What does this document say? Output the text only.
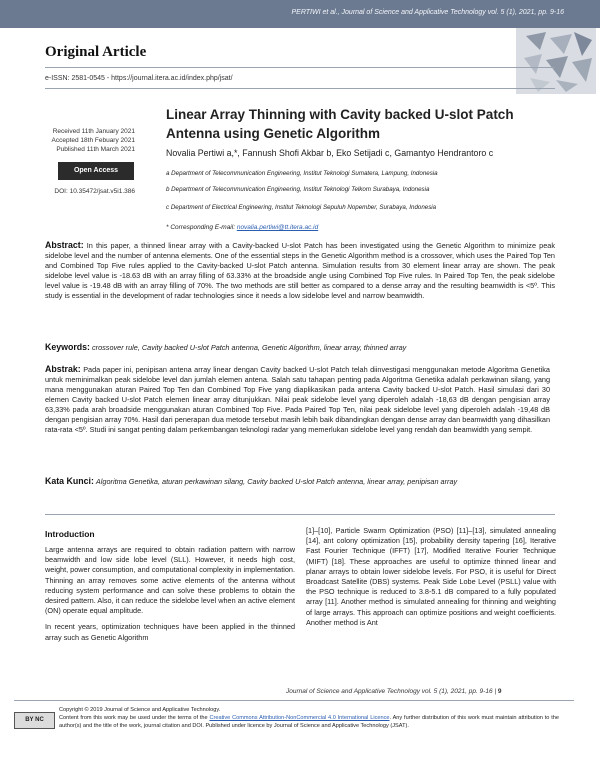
PERTIWI et al., Journal of Science and Applicative Technology vol. 5 (1), 2021, pp. 9-16
Original Article
e-ISSN: 2581-0545 - https://journal.itera.ac.id/index.php/jsat/
Received 11th January 2021
Accepted 18th Febuary 2021
Published 11th March 2021
Open Access
DOI: 10.35472/jsat.v5i1.386
Linear Array Thinning with Cavity backed U-slot Patch Antenna using Genetic Algorithm
Novalia Pertiwi a,*, Fannush Shofi Akbar b, Eko Setijadi c, Gamantyo Hendrantoro c
a Department of Telecommunication Engineering, Institut Teknologi Sumatera, Lampung, Indonesia
b Department of Telecommunication Engineering, Institut Teknologi Telkom Surabaya, Indonesia
c Department of Electrical Engineering, Institut Teknologi Sepuluh Nopember, Surabaya, Indonesia
* Corresponding E-mail: novalia.pertiwi@tt.itera.ac.id
Abstract: In this paper, a thinned linear array with a Cavity-backed U-slot Patch has been investigated using the Genetic Algorithm to minimize peak sidelobe level and the number of antenna elements. One of the essential steps in the Genetic Algorithm method is a crossover, which uses the Paired Top Ten and Combined Top Five rules applied to the Cavity-backed U-slot Patch antenna. Simulation results from 30 element linear array are shown. The peak sidelobe level value is -18.63 dB with an array filling of 63.33% at the broadside angle using Combined Top Five rules. In Paired Top Ten, the peak sidelobe level value is -19.48 dB with an array filling of 70%. The two methods are still better as compared to a dense array and the resulting beamwidth is <5º. This study is essential in the development of radar technologies since it needs a low sidelobe level and narrow beamwidth.
Keywords: crossover rule, Cavity backed U-slot Patch antenna, Genetic Algorithm, linear array, thinned array
Abstrak: Pada paper ini, penipisan antena array linear dengan Cavity backed U-slot Patch telah diinvestigasi menggunakan metode Algoritma Genetika untuk meminimalkan peak sidelobe level dan jumlah elemen antena. Salah satu tahapan penting pada Algoritma Genetika adalah perkawinan silang, yang mana menggunakan aturan Paired Top Ten dan Combined Top Five yang diaplikasikan pada antena Cavity backed U-slot Patch. Hasil simulasi dari 30 elemen Cavity backed U-slot Patch elemen linear array ditunjukkan. Nilai peak sidelobe level yang diperoleh adalah -18,63 dB dengan pengisian array 63,33% pada arah broadside menggunakan aturan Combined Top Five. Pada Paired Top Ten, nilai peak sidelobe level yang diperoleh adalah -19,48 dB dengan pengisian array 70%. Hasil dari penerapan dua metode tersebut masih lebih baik dibandingkan dengan dense array dan beamwidth yang dihasilkan rata-rata <5º. Studi ini sangat penting dalam perkembangan teknologi radar yang memerlukan sidelobe level yang rendah dan beamwidth yang sempit.
Kata Kunci: Algoritma Genetika, aturan perkawinan silang, Cavity backed U-slot Patch antenna, linear array, penipisan array
Introduction
Large antenna arrays are required to obtain radiation pattern with narrow beamwidth and low side lobe level (SLL). However, it needs high cost, weight, power consumption, and computational complexity in implementation. Thinning an array removes some active elements of the antenna without reducing system performance and can solve these problems to obtain the desired pattern. Also, it can reduce the sidelobe level when an active element (ON) operate equal amplitude.
In recent years, optimization techniques have been applied in the thinned array such as Genetic Algorithm
[1]–[10], Particle Swarm Optimization (PSO) [11]–[13], simulated annealing [14], ant colony optimization [15], probability density tapering [16], Iterative Fast Fourier Technique (IFFT) [17], Modified Iterative Fourier Technique (MIFT) [18]. These approaches are useful to optimize thinned linear and planar arrays to obtain lower sidelobe levels. For PSO, it is useful for Direct Broadcast Satellite (DBS) systems. Peak Side Lobe Level (PSLL) value with the PSO technique is reduced to 3.8-5.1 dB compared to a fully populated array [11]. Another method is simulated annealing for thinning and weighting of large arrays. This approach can optimize positions and weight coefficients. Another method is Ant
Journal of Science and Applicative Technology vol. 5 (1), 2021, pp. 9-16 | 9
BY NC
Copyright © 2019 Journal of Science and Applicative Technology.
Content from this work may be used under the terms of the Creative Commons Attribution-NonCommercial 4.0 International Licence. Any further distribution of this work must maintain attribution to the author(s) and the title of the work, journal citation and DOI. Published under licence by Journal of Science and Applicative Technology (JSAT).
